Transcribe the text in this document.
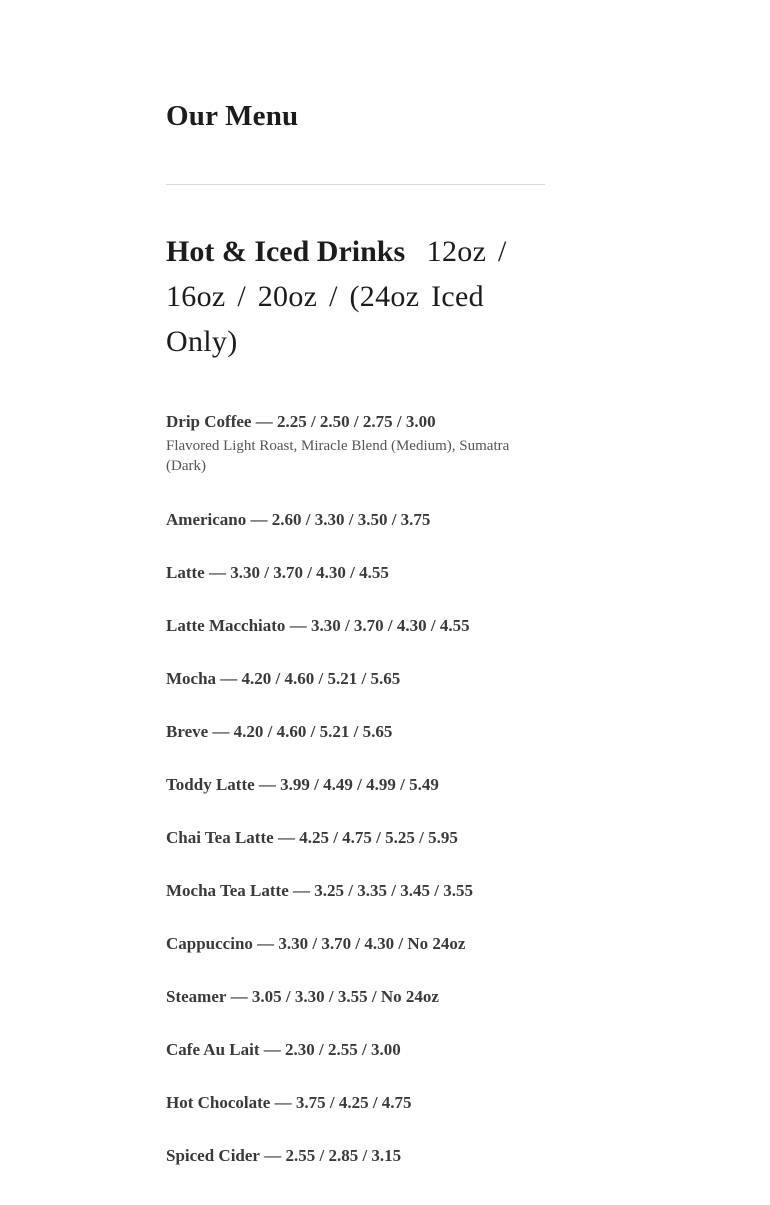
Our Menu
Hot & Iced Drinks 12oz / 16oz / 20oz / (24oz Iced Only)
Drip Coffee — 2.25 / 2.50 / 2.75 / 3.00
Flavored Light Roast, Miracle Blend (Medium), Sumatra (Dark)
Americano — 2.60 / 3.30 / 3.50 / 3.75
Latte — 3.30 / 3.70 / 4.30 / 4.55
Latte Macchiato — 3.30 / 3.70 / 4.30 / 4.55
Mocha — 4.20 / 4.60 / 5.21 / 5.65
Breve — 4.20 / 4.60 / 5.21 / 5.65
Toddy Latte — 3.99 / 4.49 / 4.99 / 5.49
Chai Tea Latte — 4.25 / 4.75 / 5.25 / 5.95
Mocha Tea Latte — 3.25 / 3.35 / 3.45 / 3.55
Cappuccino — 3.30 / 3.70 / 4.30 / No 24oz
Steamer — 3.05 / 3.30 / 3.55 / No 24oz
Cafe Au Lait — 2.30 / 2.55 / 3.00
Hot Chocolate — 3.75 / 4.25 / 4.75
Spiced Cider — 2.55 / 2.85 / 3.15
